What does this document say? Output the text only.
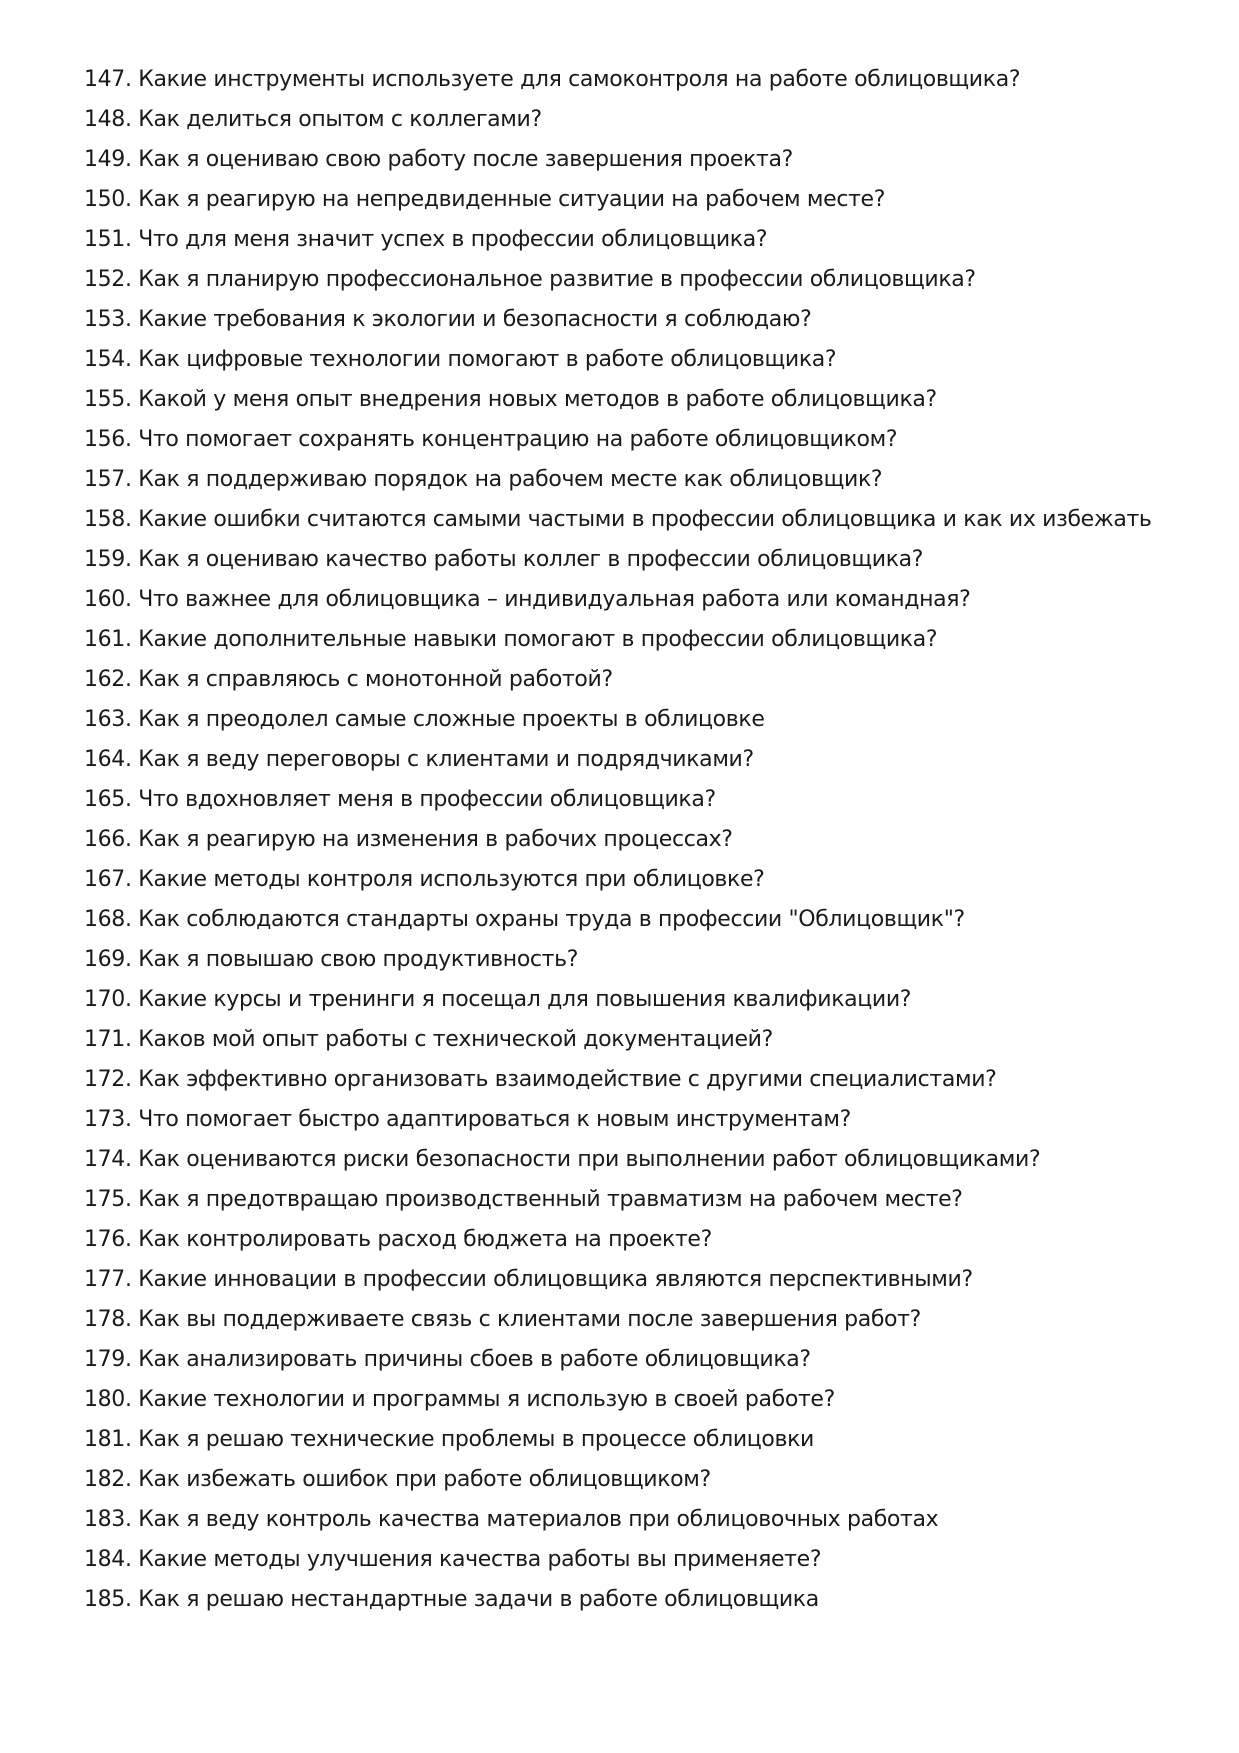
147. Какие инструменты используете для самоконтроля на работе облицовщика?
148. Как делиться опытом с коллегами?
149. Как я оцениваю свою работу после завершения проекта?
150. Как я реагирую на непредвиденные ситуации на рабочем месте?
151. Что для меня значит успех в профессии облицовщика?
152. Как я планирую профессиональное развитие в профессии облицовщика?
153. Какие требования к экологии и безопасности я соблюдаю?
154. Как цифровые технологии помогают в работе облицовщика?
155. Какой у меня опыт внедрения новых методов в работе облицовщика?
156. Что помогает сохранять концентрацию на работе облицовщиком?
157. Как я поддерживаю порядок на рабочем месте как облицовщик?
158. Какие ошибки считаются самыми частыми в профессии облицовщика и как их избежать
159. Как я оцениваю качество работы коллег в профессии облицовщика?
160. Что важнее для облицовщика – индивидуальная работа или командная?
161. Какие дополнительные навыки помогают в профессии облицовщика?
162. Как я справляюсь с монотонной работой?
163. Как я преодолел самые сложные проекты в облицовке
164. Как я веду переговоры с клиентами и подрядчиками?
165. Что вдохновляет меня в профессии облицовщика?
166. Как я реагирую на изменения в рабочих процессах?
167. Какие методы контроля используются при облицовке?
168. Как соблюдаются стандарты охраны труда в профессии "Облицовщик"?
169. Как я повышаю свою продуктивность?
170. Какие курсы и тренинги я посещал для повышения квалификации?
171. Каков мой опыт работы с технической документацией?
172. Как эффективно организовать взаимодействие с другими специалистами?
173. Что помогает быстро адаптироваться к новым инструментам?
174. Как оцениваются риски безопасности при выполнении работ облицовщиками?
175. Как я предотвращаю производственный травматизм на рабочем месте?
176. Как контролировать расход бюджета на проекте?
177. Какие инновации в профессии облицовщика являются перспективными?
178. Как вы поддерживаете связь с клиентами после завершения работ?
179. Как анализировать причины сбоев в работе облицовщика?
180. Какие технологии и программы я использую в своей работе?
181. Как я решаю технические проблемы в процессе облицовки
182. Как избежать ошибок при работе облицовщиком?
183. Как я веду контроль качества материалов при облицовочных работах
184. Какие методы улучшения качества работы вы применяете?
185. Как я решаю нестандартные задачи в работе облицовщика
